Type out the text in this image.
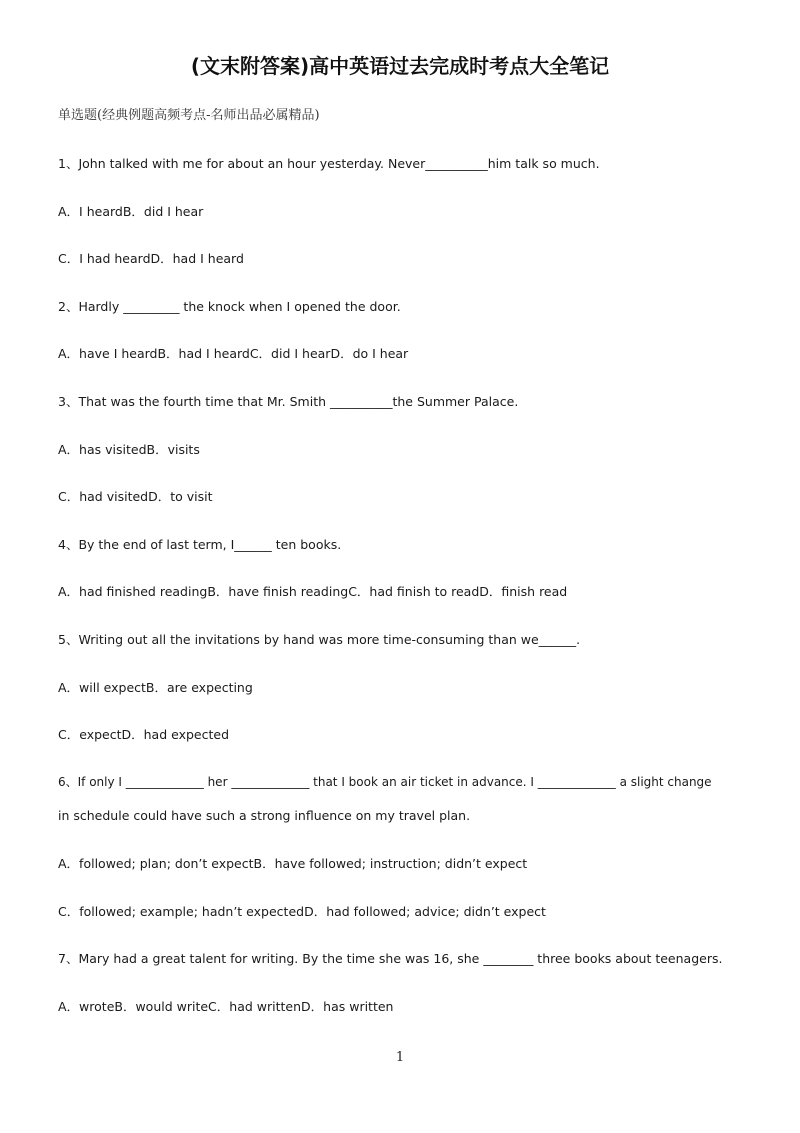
(文末附答案)高中英语过去完成时考点大全笔记
单选题(经典例题高频考点-名师出品必属精品)
1、John talked with me for about an hour yesterday. Never__________him talk so much.
A．I heardB．did I hear
C．I had heardD．had I heard
2、Hardly _________ the knock when I opened the door.
A．have I heardB．had I heardC．did I hearD．do I hear
3、That was the fourth time that Mr. Smith __________the Summer Palace.
A．has visitedB．visits
C．had visitedD．to visit
4、By the end of last term, I______ ten books.
A．had finished readingB．have finish readingC．had finish to readD．finish read
5、Writing out all the invitations by hand was more time-consuming than we______.
A．will expectB．are expecting
C．expectD．had expected
6、If only I _____________ her _____________ that I book an air ticket in advance. I _____________ a slight change
in schedule could have such a strong influence on my travel plan.
A．followed; plan; don’t expectB．have followed; instruction; didn’t expect
C．followed; example; hadn’t expectedD．had followed; advice; didn’t expect
7、Mary had a great talent for writing. By the time she was 16, she ________ three books about teenagers.
A．wroteB．would writeC．had writtenD．has written
1
